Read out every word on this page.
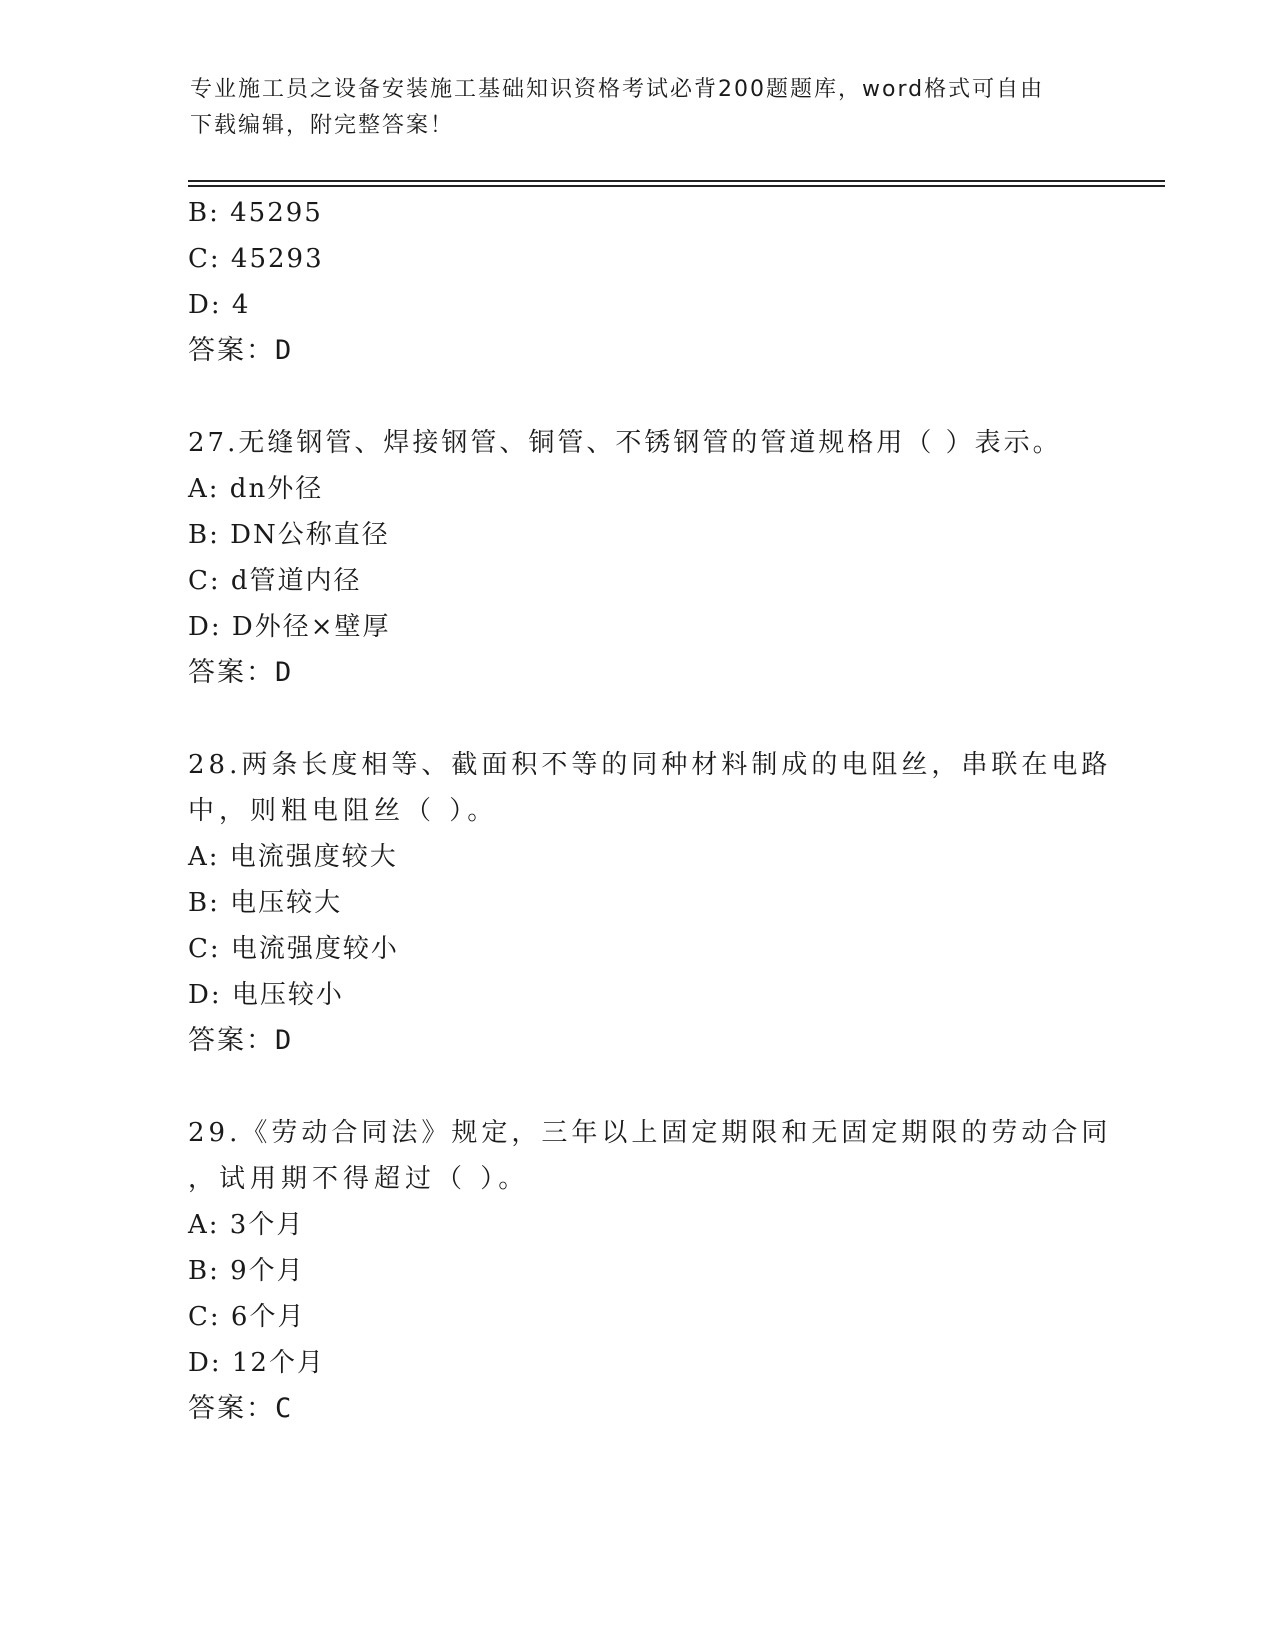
专业施工员之设备安装施工基础知识资格考试必背200题题库，word格式可自由
下载编辑，附完整答案！
B: 45295
C: 45293
D: 4
答案：D
27.无缝钢管、焊接钢管、铜管、不锈钢管的管道规格用（ ）表示。
A: dn外径
B: DN公称直径
C: d管道内径
D: D外径×壁厚
答案：D
28.两条长度相等、截面积不等的同种材料制成的电阻丝，串联在电路
中，则粗电阻丝（ ）。
A: 电流强度较大
B: 电压较大
C: 电流强度较小
D: 电压较小
答案：D
29.《劳动合同法》规定，三年以上固定期限和无固定期限的劳动合同
，试用期不得超过（ ）。
A: 3个月
B: 9个月
C: 6个月
D: 12个月
答案：C
